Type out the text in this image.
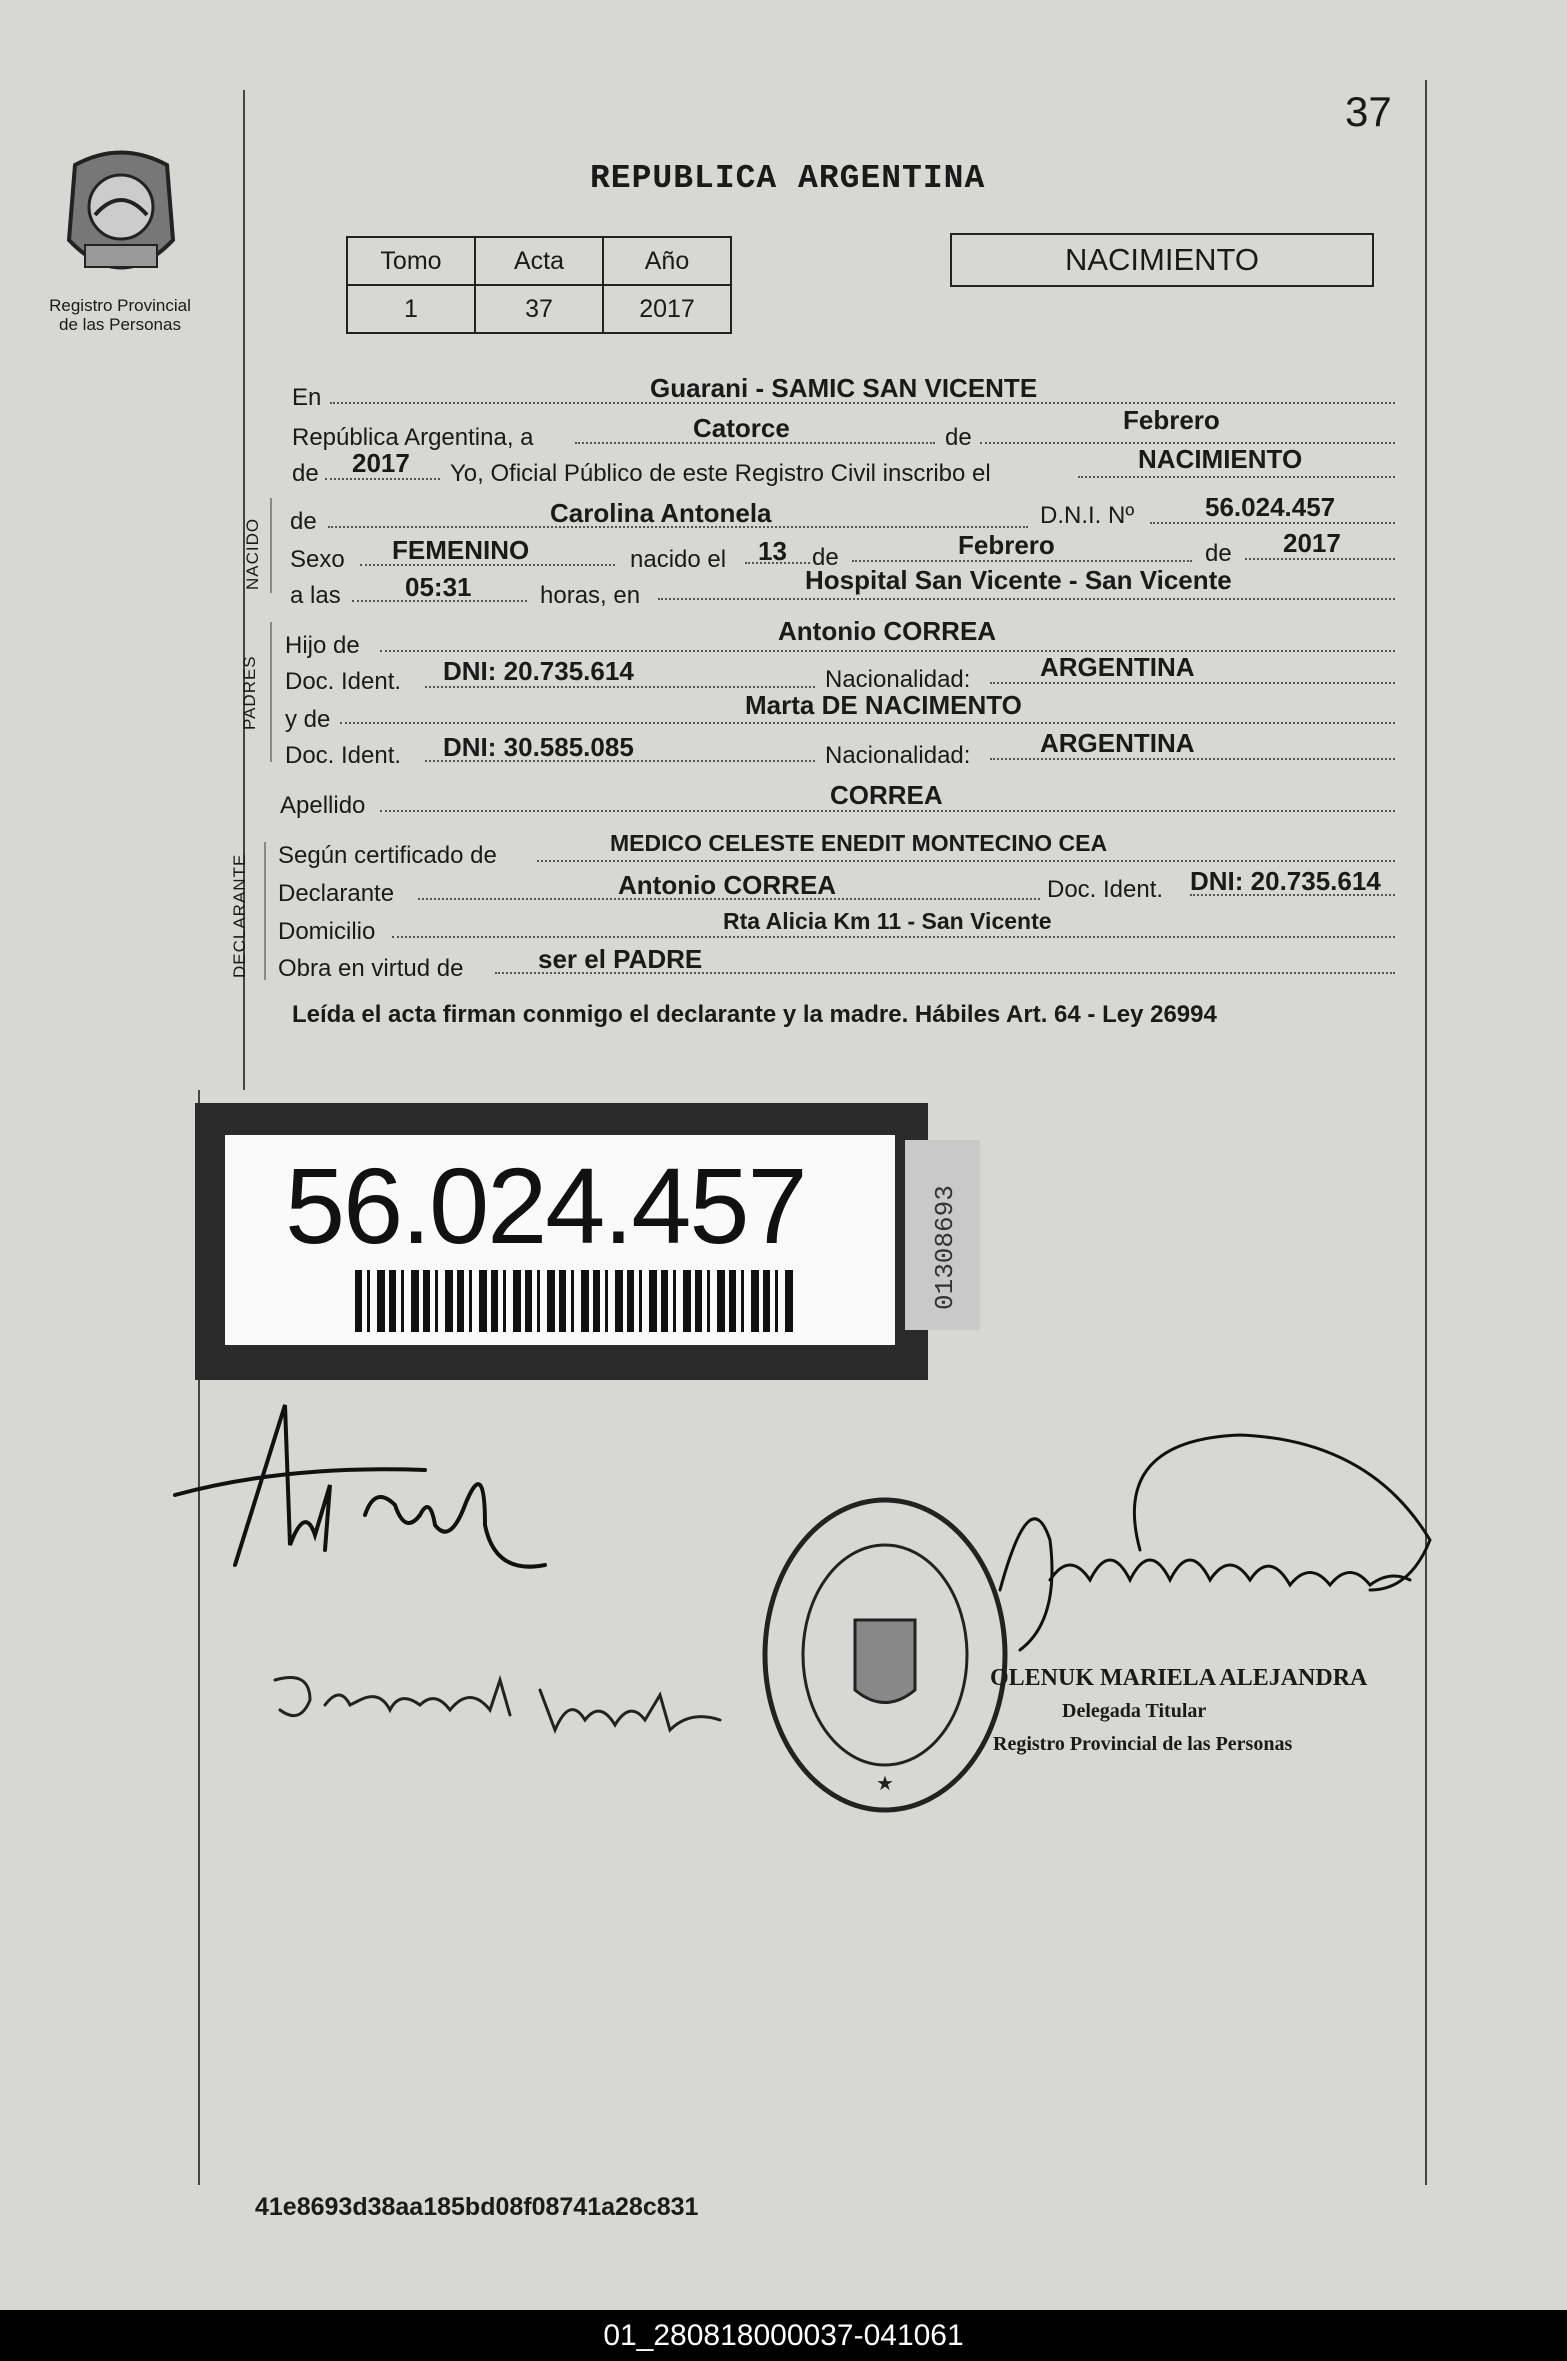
37
Registro Provincial
de las Personas
REPUBLICA ARGENTINA
Tomo	Acta	Año
1	37	2017
NACIMIENTO
En	Guarani - SAMIC SAN VICENTE
República Argentina, a	Catorce	de
Febrero
de 2017 Yo, Oficial Público de este Registro Civil inscribo el	NACIMIENTO
NACIDO de	Carolina Antonela	D.N.I. Nº	56.024.457
Sexo FEMENINO	nacido el 13 de	Febrero	de 2017
a las 05:31	horas, en
Hospital San Vicente - San Vicente
PADRES
Hijo de	Antonio CORREA
Doc. Ident. DNI: 20.735.614	Nacionalidad:	ARGENTINA
y de	Marta DE NACIMENTO
Doc. Ident. DNI: 30.585.085	Nacionalidad:	ARGENTINA
Apellido	CORREA
DECLARANTE Según certificado de	MEDICO CELESTE ENEDIT MONTECINO CEA
Declarante	Antonio CORREA	Doc. Ident. DNI: 20.735.614
Domicilio	Rta Alicia Km 11 - San Vicente
Obra en virtud de	ser el PADRE
Leída el acta firman conmigo el declarante y la madre. Hábiles Art. 64 - Ley 26994
56.024.457	01308693
★
OLENUK MARIELA ALEJANDRA
Delegada Titular
Registro Provincial de las Personas
41e8693d38aa185bd08f08741a28c831
01_280818000037-041061
